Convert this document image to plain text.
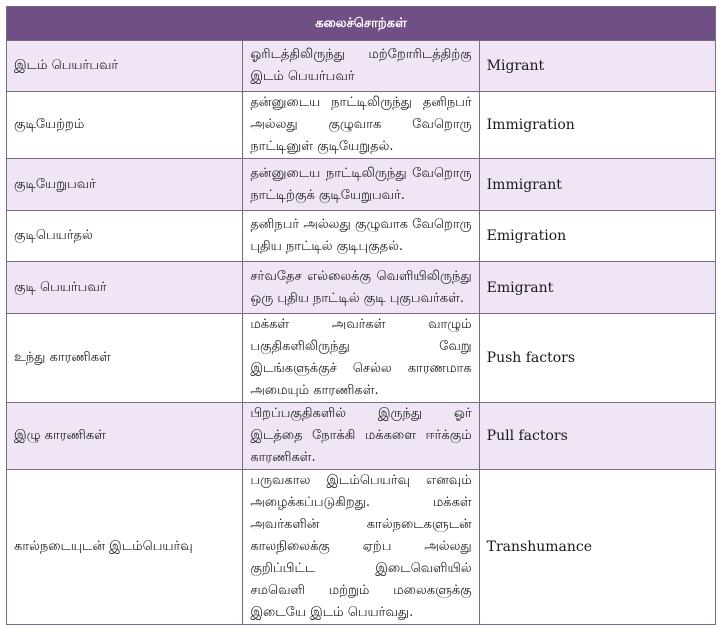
கலைச்சொற்கள்		
இடம் பெயர்பவர்	ஓரிடத்திலிருந்து மற்றோரிடத்திற்கு இடம் பெயர்பவர்	Migrant
குடியேற்றம்	தன்னுடைய நாட்டிலிருந்து தனிநபர் அல்லது குழுவாக வேறொரு நாட்டினுள் குடியேறுதல்.	Immigration
குடியேறுபவர்	தன்னுடைய நாட்டிலிருந்து வேறொரு நாட்டிற்குக் குடியேறுபவர்.	Immigrant
குடிபெயர்தல்	தனிநபர் அல்லது குழுவாக வேறொரு புதிய நாட்டில் குடிபுகுதல்.	Emigration
குடி பெயர்பவர்	சர்வதேச எல்லைக்கு வெளியிலிருந்து ஒரு புதிய நாட்டில் குடி புகுபவர்கள்.	Emigrant
உந்து காரணிகள்	மக்கள் அவர்கள் வாழும் பகுதிகளிலிருந்து வேறு இடங்களுக்குச் செல்ல காரணமாக அமையும் காரணிகள்.	Push factors
இழு காரணிகள்	பிறப்பகுதிகளில் இருந்து ஓர் இடத்தை நோக்கி மக்களை ஈர்க்கும் காரணிகள்.	Pull factors
கால்நடையுடன் இடம்பெயர்வு	பருவகால இடம்பெயர்வு எனவும் அழைக்கப்படுகிறது. மக்கள் அவர்களின் கால்நடைகளுடன் காலநிலைக்கு ஏற்ப அல்லது குறிப்பிட்ட இடைவெளியில் சமவெளி மற்றும் மலைகளுக்கு இடையே இடம் பெயர்வது.	Transhumance
